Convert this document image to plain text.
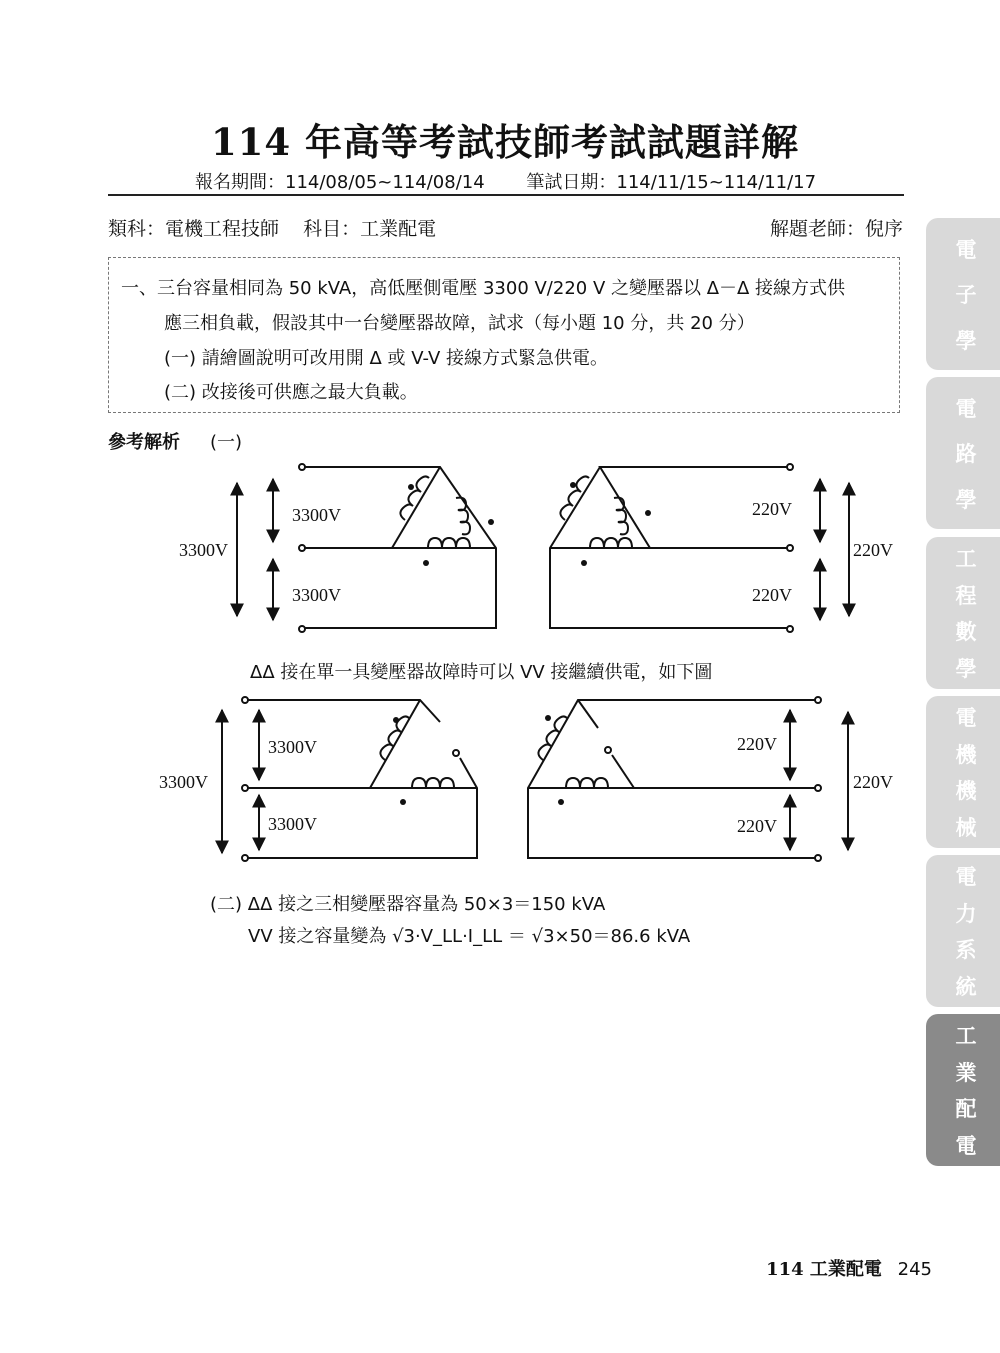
114 年高等考試技師考試試題詳解
報名期間：114/08/05~114/08/14 筆試日期：114/11/15~114/11/17
類科：電機工程技師 科目：工業配電	解題老師：倪序
一、三台容量相同為 50 kVA，高低壓側電壓 3300 V/220 V 之變壓器以 Δ－Δ 接線方式供
應三相負載，假設其中一台變壓器故障，試求（每小題 10 分，共 20 分）
(一) 請繪圖說明可改用開 Δ 或 V-V 接線方式緊急供電。
(二) 改接後可供應之最大負載。
參考解析 (一)
3300V
3300V
3300V
220V
220V
220V
3300V
3300V
3300V
220V
220V
220V
ΔΔ 接在單一具變壓器故障時可以 VV 接繼續供電，如下圖
(二) ΔΔ 接之三相變壓器容量為 50×3＝150 kVA
VV 接之容量變為 √3·V_LL·I_LL ＝ √3×50＝86.6 kVA
114 工業配電 245
電
子
學
電
路
學
工
程
數
學
電
機
機
械
電
力
系
統
工
業
配
電
